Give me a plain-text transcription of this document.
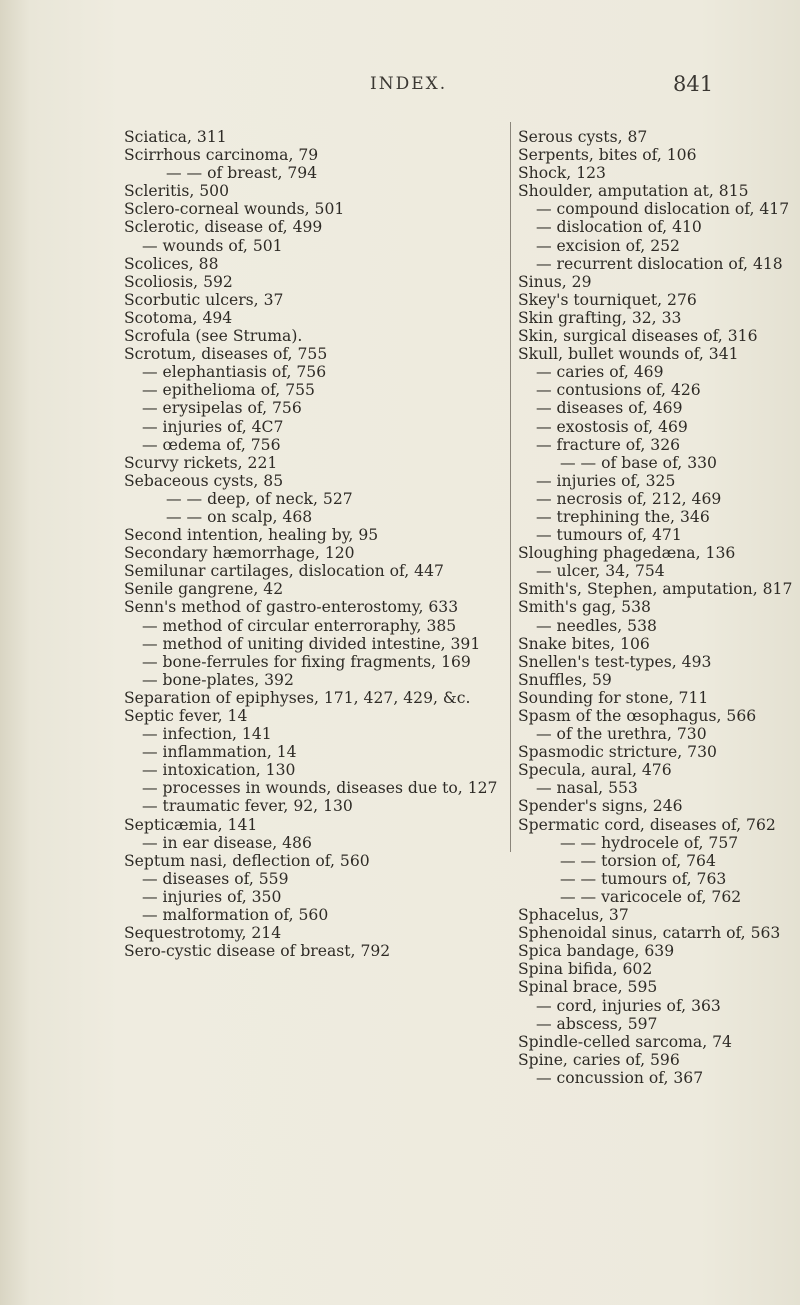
INDEX.	841
Sciatica, 311
Scirrhous carcinoma, 79
— — of breast, 794
Scleritis, 500
Sclero-corneal wounds, 501
Sclerotic, disease of, 499
— wounds of, 501
Scolices, 88
Scoliosis, 592
Scorbutic ulcers, 37
Scotoma, 494
Scrofula (see Struma).
Scrotum, diseases of, 755
— elephantiasis of, 756
— epithelioma of, 755
— erysipelas of, 756
— injuries of, 4C7
— œdema of, 756
Scurvy rickets, 221
Sebaceous cysts, 85
— — deep, of neck, 527
— — on scalp, 468
Second intention, healing by, 95
Secondary hæmorrhage, 120
Semilunar cartilages, dislocation of, 447
Senile gangrene, 42
Senn's method of gastro-enterostomy, 633
— method of circular enterroraphy, 385
— method of uniting divided intestine, 391
— bone-ferrules for fixing fragments, 169
— bone-plates, 392
Separation of epiphyses, 171, 427, 429, &c.
Septic fever, 14
— infection, 141
— inflammation, 14
— intoxication, 130
— processes in wounds, diseases due to, 127
— traumatic fever, 92, 130
Septicæmia, 141
— in ear disease, 486
Septum nasi, deflection of, 560
— diseases of, 559
— injuries of, 350
— malformation of, 560
Sequestrotomy, 214
Sero-cystic disease of breast, 792
Serous cysts, 87
Serpents, bites of, 106
Shock, 123
Shoulder, amputation at, 815
— compound dislocation of, 417
— dislocation of, 410
— excision of, 252
— recurrent dislocation of, 418
Sinus, 29
Skey's tourniquet, 276
Skin grafting, 32, 33
Skin, surgical diseases of, 316
Skull, bullet wounds of, 341
— caries of, 469
— contusions of, 426
— diseases of, 469
— exostosis of, 469
— fracture of, 326
— — of base of, 330
— injuries of, 325
— necrosis of, 212, 469
— trephining the, 346
— tumours of, 471
Sloughing phagedæna, 136
— ulcer, 34, 754
Smith's, Stephen, amputation, 817
Smith's gag, 538
— needles, 538
Snake bites, 106
Snellen's test-types, 493
Snuffles, 59
Sounding for stone, 711
Spasm of the œsophagus, 566
— of the urethra, 730
Spasmodic stricture, 730
Specula, aural, 476
— nasal, 553
Spender's signs, 246
Spermatic cord, diseases of, 762
— — hydrocele of, 757
— — torsion of, 764
— — tumours of, 763
— — varicocele of, 762
Sphacelus, 37
Sphenoidal sinus, catarrh of, 563
Spica bandage, 639
Spina bifida, 602
Spinal brace, 595
— cord, injuries of, 363
— abscess, 597
Spindle-celled sarcoma, 74
Spine, caries of, 596
— concussion of, 367
